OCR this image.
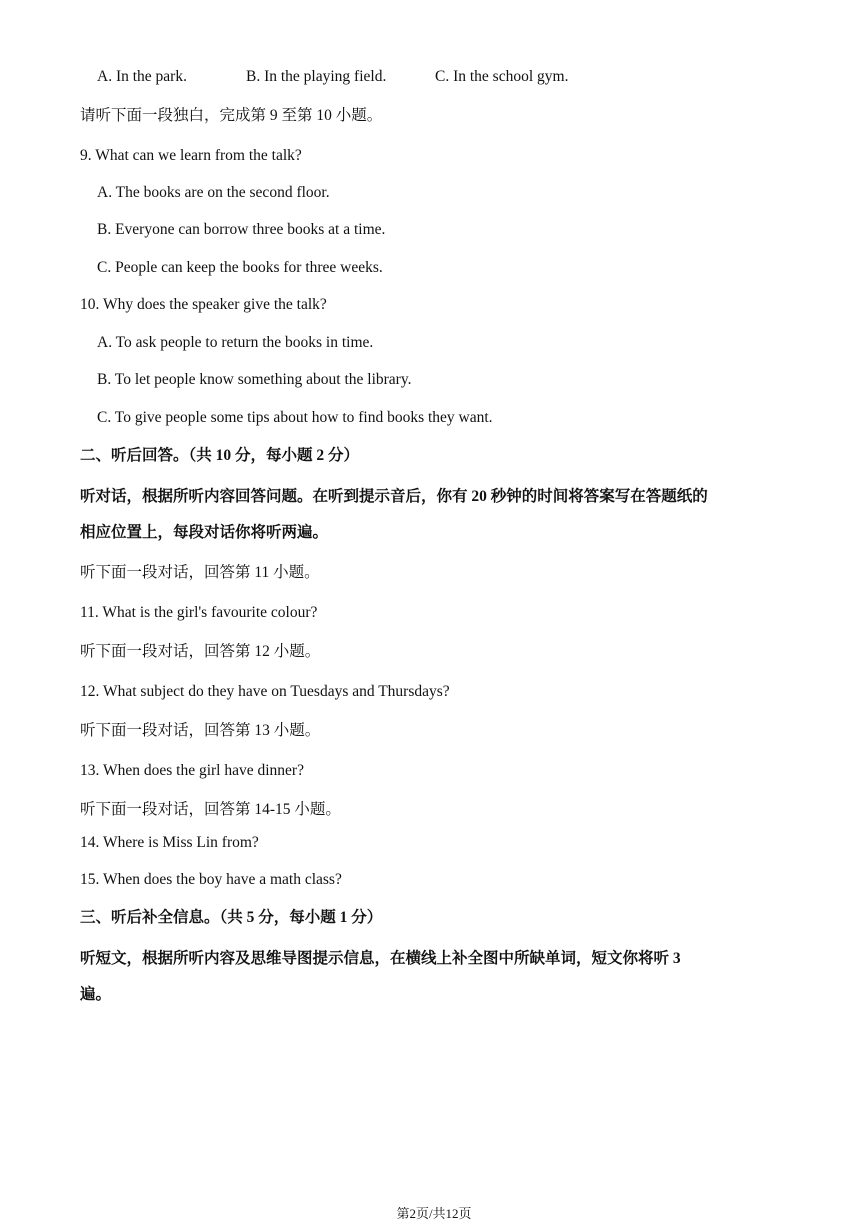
A. In the park.	B. In the playing field.	C. In the school gym.
请听下面一段独白，完成第 9 至第 10 小题。
9. What can we learn from the talk?
A. The books are on the second floor.
B. Everyone can borrow three books at a time.
C. People can keep the books for three weeks.
10. Why does the speaker give the talk?
A. To ask people to return the books in time.
B. To let people know something about the library.
C. To give people some tips about how to find books they want.
二、听后回答。（共 10 分，每小题 2 分）
听对话，根据所听内容回答问题。在听到提示音后，你有 20 秒钟的时间将答案写在答题纸的
相应位置上，每段对话你将听两遍。
听下面一段对话，回答第 11 小题。
11. What is the girl's favourite colour?
听下面一段对话，回答第 12 小题。
12. What subject do they have on Tuesdays and Thursdays?
听下面一段对话，回答第 13 小题。
13. When does the girl have dinner?
听下面一段对话，回答第 14-15 小题。
14. Where is Miss Lin from?
15. When does the boy have a math class?
三、听后补全信息。（共 5 分，每小题 1 分）
听短文，根据所听内容及思维导图提示信息，在横线上补全图中所缺单词，短文你将听 3
遍。
第2页/共12页
